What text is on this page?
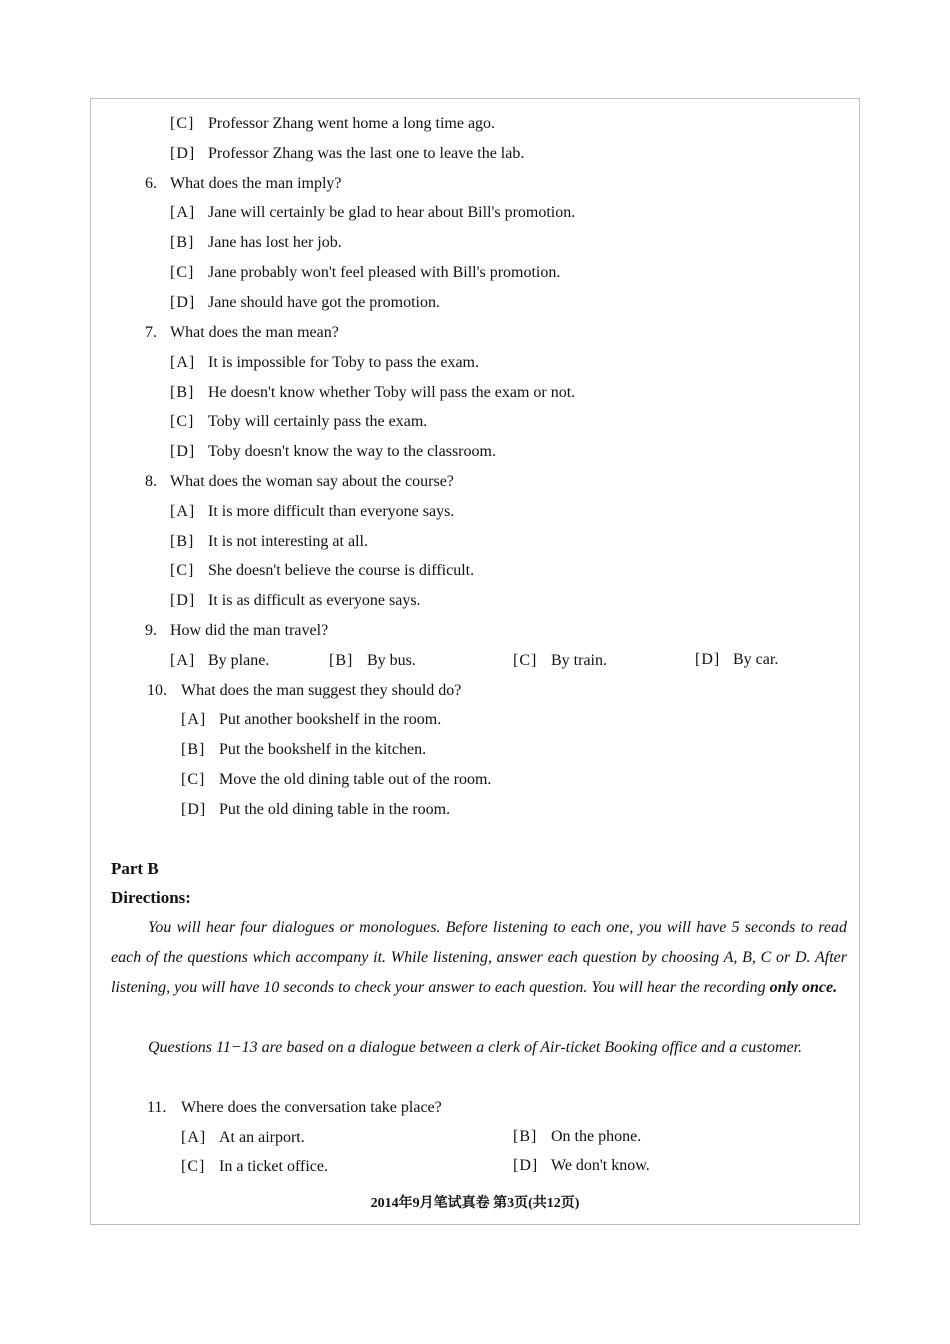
[C] Professor Zhang went home a long time ago.
[D] Professor Zhang was the last one to leave the lab.
6. What does the man imply?
[A] Jane will certainly be glad to hear about Bill's promotion.
[B] Jane has lost her job.
[C] Jane probably won't feel pleased with Bill's promotion.
[D] Jane should have got the promotion.
7. What does the man mean?
[A] It is impossible for Toby to pass the exam.
[B] He doesn't know whether Toby will pass the exam or not.
[C] Toby will certainly pass the exam.
[D] Toby doesn't know the way to the classroom.
8. What does the woman say about the course?
[A] It is more difficult than everyone says.
[B] It is not interesting at all.
[C] She doesn't believe the course is difficult.
[D] It is as difficult as everyone says.
9. How did the man travel?
[A] By plane.	[B] By bus.	[C] By train.	[D] By car.
10. What does the man suggest they should do?
[A] Put another bookshelf in the room.
[B] Put the bookshelf in the kitchen.
[C] Move the old dining table out of the room.
[D] Put the old dining table in the room.
Part B
Directions:
You will hear four dialogues or monologues. Before listening to each one, you will have 5 seconds to read each of the questions which accompany it. While listening, answer each question by choosing A, B, C or D. After listening, you will have 10 seconds to check your answer to each question. You will hear the recording only once.
Questions 11−13 are based on a dialogue between a clerk of Air-ticket Booking office and a customer.
11. Where does the conversation take place?
[A] At an airport.	[B] On the phone.
[C] In a ticket office.	[D] We don't know.
2014年9月笔试真卷 第3页(共12页)
